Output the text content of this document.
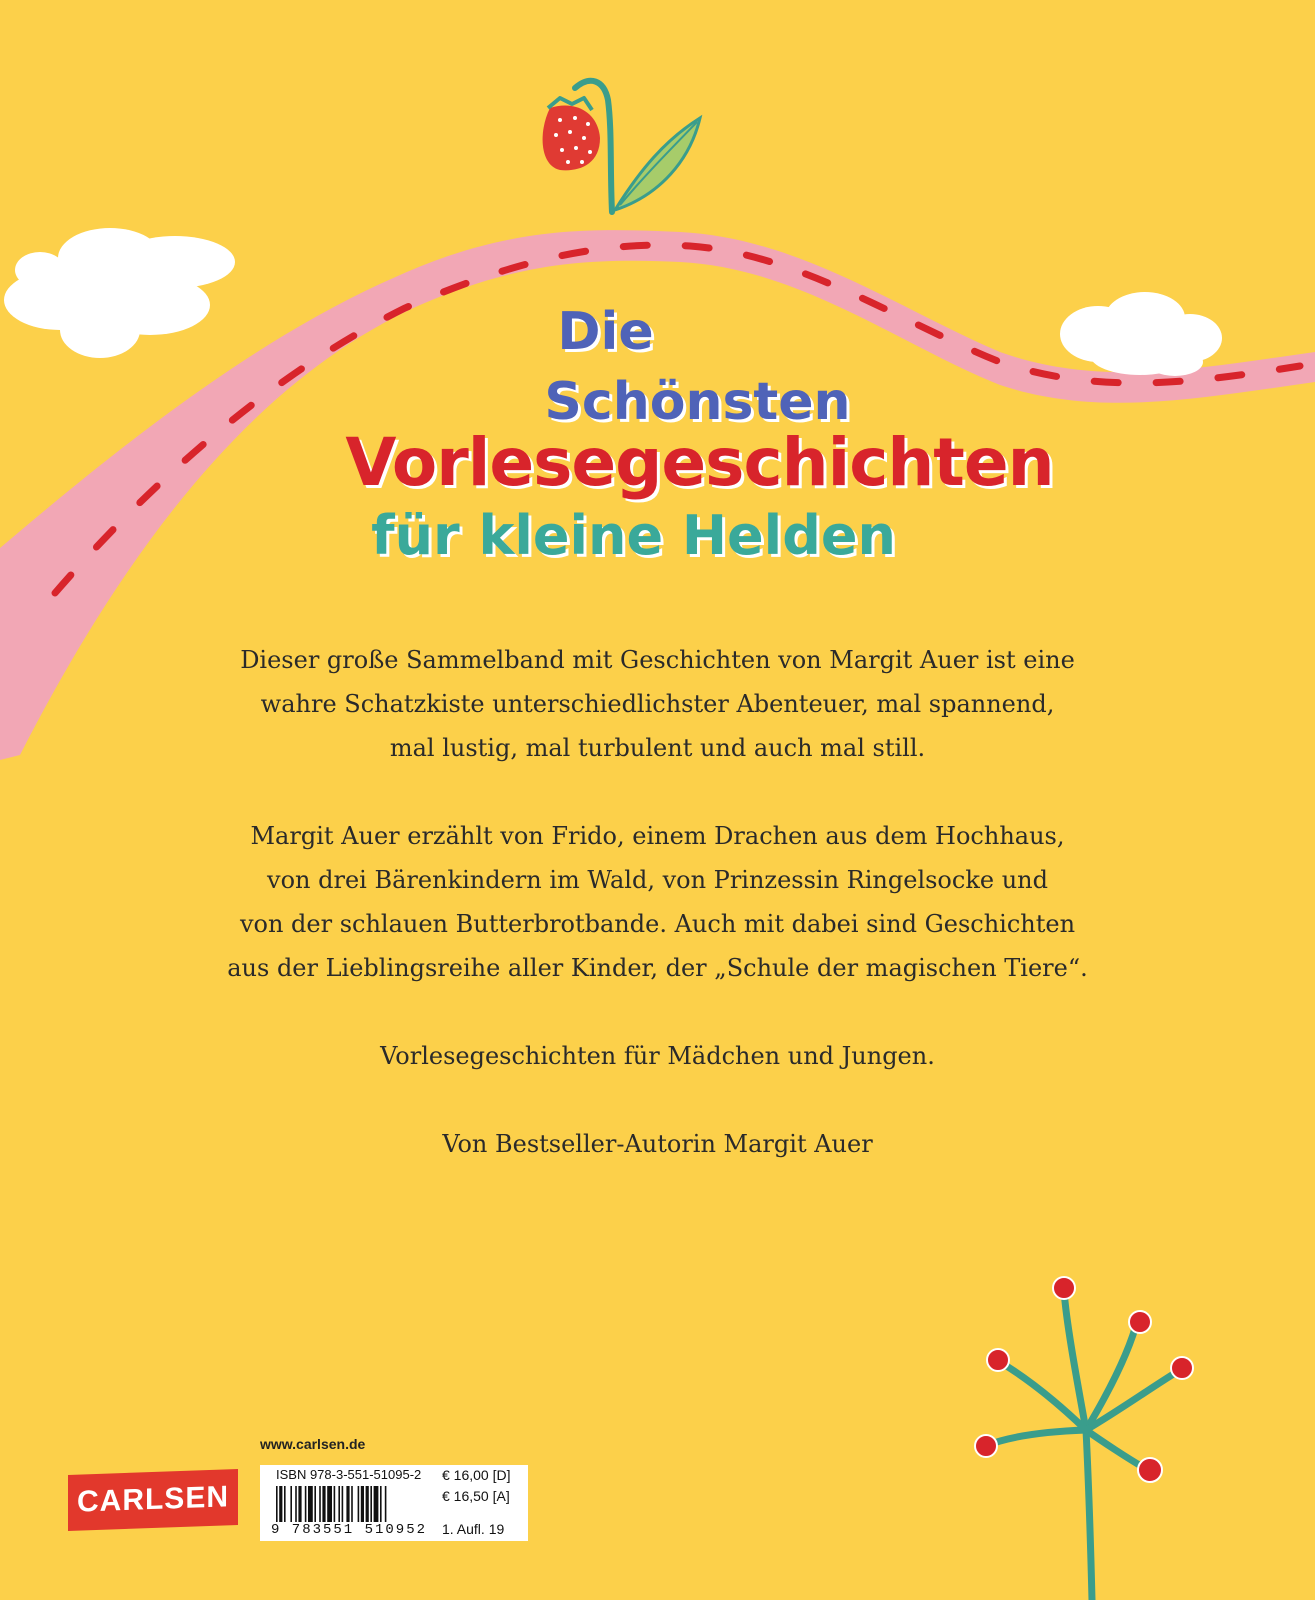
Die
Schönsten
Vorlesegeschichten
für kleine Helden

Dieser große Sammelband mit Geschichten von Margit Auer ist eine
wahre Schatzkiste unterschiedlichster Abenteuer, mal spannend,
mal lustig, mal turbulent und auch mal still.

Margit Auer erzählt von Frido, einem Drachen aus dem Hochhaus,
von drei Bärenkindern im Wald, von Prinzessin Ringelsocke und
von der schlauen Butterbrotbande. Auch mit dabei sind Geschichten
aus der Lieblingsreihe aller Kinder, der „Schule der magischen Tiere“.

Vorlesegeschichten für Mädchen und Jungen.

Von Bestseller-Autorin Margit Auer

www.carlsen.de
CARLSEN
ISBN 978-3-551-51095-2
9 783551 510952
€ 16,00 [D]
€ 16,50 [A]
1. Aufl. 19
